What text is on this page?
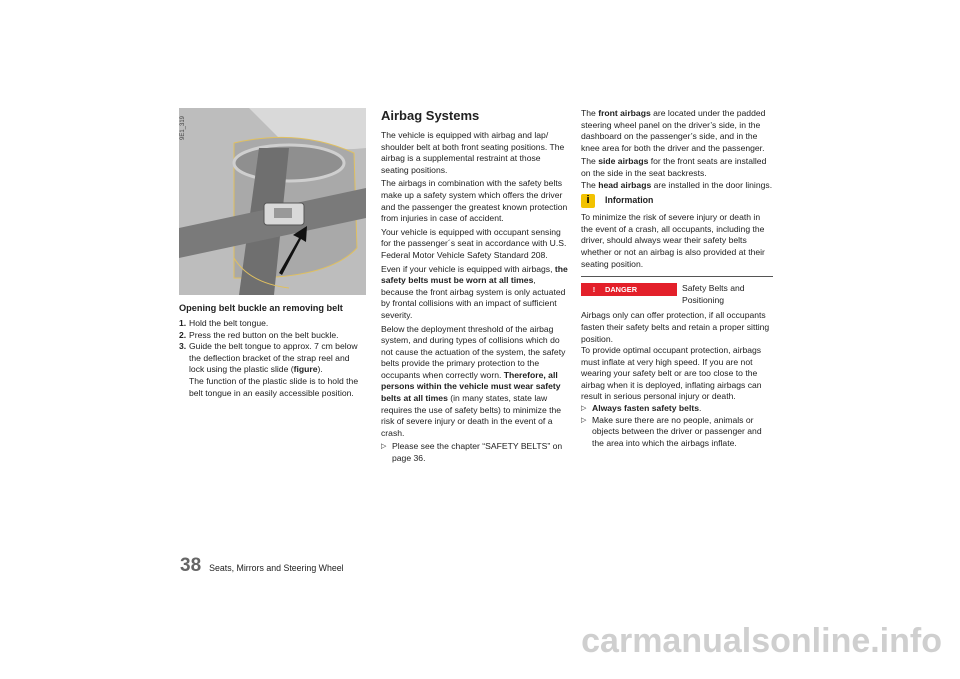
Opening belt buckle an removing belt
1. Hold the belt tongue.
2. Press the red button on the belt buckle.
3. Guide the belt tongue to approx. 7 cm below the deflection bracket of the strap reel and lock using the plastic slide (figure).
The function of the plastic slide is to hold the belt tongue in an easily accessible position.
9E1_319
Airbag Systems

The vehicle is equipped with airbag and lap/ shoulder belt at both front seating positions. The airbag is a supplemental restraint at those seating positions.

The airbags in combination with the safety belts make up a safety system which offers the driver and the passenger the greatest known protection from injuries in case of accident.

Your vehicle is equipped with occupant sensing for the passenger´s seat in accordance with U.S. Federal Motor Vehicle Safety Standard 208.

Even if your vehicle is equipped with airbags, the safety belts must be worn at all times, because the front airbag system is only actuated by frontal collisions with an impact of sufficient severity.

Below the deployment threshold of the airbag system, and during types of collisions which do not cause the actuation of the system, the safety belts provide the primary protection to the occupants when correctly worn. Therefore, all persons within the vehicle must wear safety belts at all times (in many states, state law requires the use of safety belts) to minimize the risk of severe injury or death in the event of a crash.

▷ Please see the chapter “SAFETY BELTS” on page 36.

The front airbags are located under the padded steering wheel panel on the driver’s side, in the dashboard on the passenger’s side, and in the knee area for both the driver and the passenger.

The side airbags for the front seats are installed on the side in the seat backrests.

The head airbags are installed in the door linings.

i	Information

To minimize the risk of severe injury or death in the event of a crash, all occupants, including the driver, should always wear their safety belts whether or not an airbag is also provided at their seating position.

!	DANGER	Safety Belts and Positioning

Airbags only can offer protection, if all occupants fasten their safety belts and retain a proper sitting position.

To provide optimal occupant protection, airbags must inflate at very high speed. If you are not wearing your safety belt or are too close to the airbag when it is deployed, inflating airbags can result in serious personal injury or death.

▷ Always fasten safety belts.
▷ Make sure there are no people, animals or objects between the driver or passenger and the area into which the airbags inflate.
38 Seats, Mirrors and Steering Wheel
carmanualsonline.info
